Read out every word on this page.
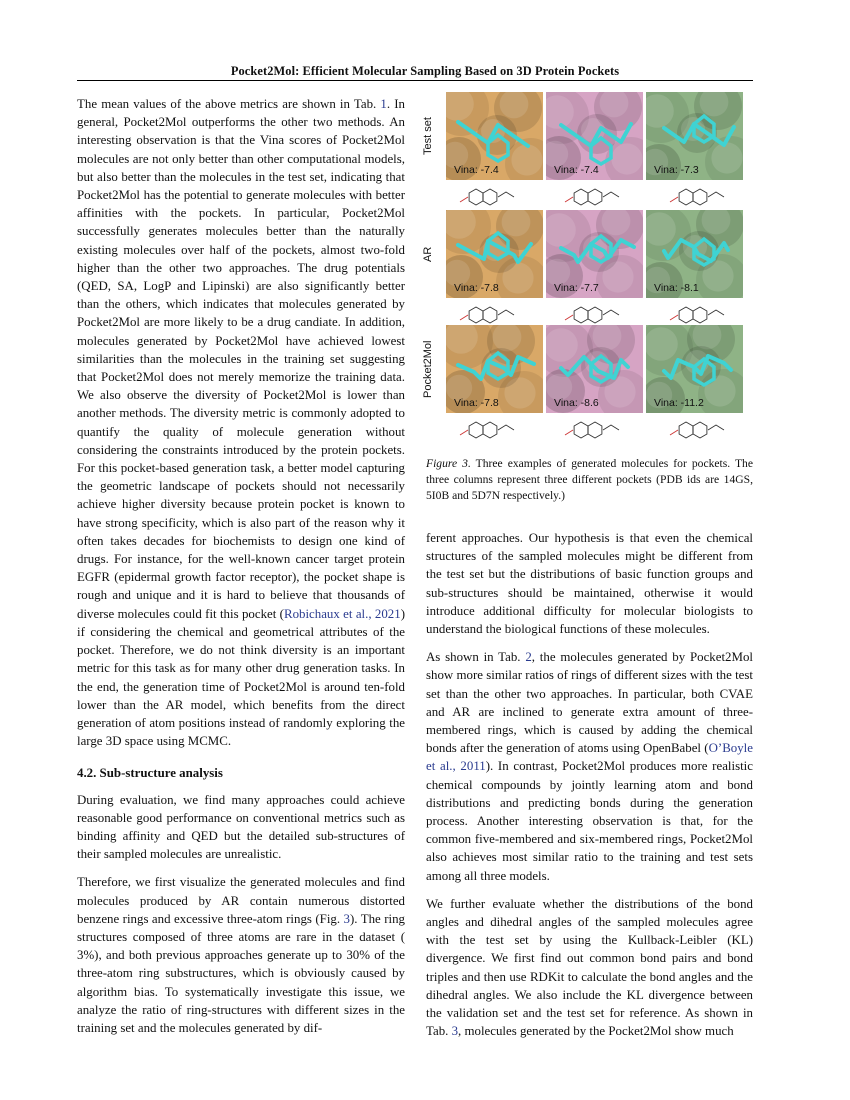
Pocket2Mol: Efficient Molecular Sampling Based on 3D Protein Pockets

The mean values of the above metrics are shown in Tab. 1. In general, Pocket2Mol outperforms the other two methods. An interesting observation is that the Vina scores of Pocket2Mol molecules are not only better than other computational models, but also better than the molecules in the test set, indicating that Pocket2Mol has the potential to generate molecules with better affinities with the pockets. In particular, Pocket2Mol successfully generates molecules better than the naturally existing molecules over half of the pockets, almost two-fold higher than the other two approaches. The drug potentials (QED, SA, LogP and Lipinski) are also significantly better than the others, which indicates that molecules generated by Pocket2Mol are more likely to be a drug candiate. In addition, molecules generated by Pocket2Mol have achieved lowest similarities than the molecules in the training set suggesting that Pocket2Mol does not merely memorize the training data. We also observe the diversity of Pocket2Mol is lower than another methods. The diversity metric is commonly adopted to quantify the quality of molecule generation without considering the constraints introduced by the protein pockets. For this pocket-based generation task, a better model capturing the geometric landscape of pockets should not necessarily achieve higher diversity because protein pocket is known to have strong specificity, which is also part of the reason why it often takes decades for biochemists to design one kind of drugs. For instance, for the well-known cancer target protein EGFR (epidermal growth factor receptor), the pocket shape is rough and unique and it is hard to believe that thousands of diverse molecules could fit this pocket (Robichaux et al., 2021) if considering the chemical and geometrical attributes of the pocket. Therefore, we do not think diversity is an important metric for this task as for many other drug generation tasks. In the end, the generation time of Pocket2Mol is around ten-fold lower than the AR model, which benefits from the direct generation of atom positions instead of randomly exploring the large 3D space using MCMC.

4.2. Sub-structure analysis

During evaluation, we find many approaches could achieve reasonable good performance on conventional metrics such as binding affinity and QED but the detailed sub-structures of their sampled molecules are unrealistic.

Therefore, we first visualize the generated molecules and find molecules produced by AR contain numerous distorted benzene rings and excessive three-atom rings (Fig. 3). The ring structures composed of three atoms are rare in the dataset ( 3%), and both previous approaches generate up to 30% of the three-atom ring substructures, which is obviously caused by algorithm bias. To systematically investigate this issue, we analyze the ratio of ring-structures with different sizes in the training set and the molecules generated by dif-

Test set
AR
Pocket2Mol
Vina: -7.4	Vina: -7.4	Vina: -7.3
Vina: -7.8	Vina: -7.7	Vina: -8.1
Vina: -7.8	Vina: -8.6	Vina: -11.2
Figure 3. Three examples of generated molecules for pockets. The three columns represent three different pockets (PDB ids are 14GS, 5I0B and 5D7N respectively.)

ferent approaches. Our hypothesis is that even the chemical structures of the sampled molecules might be different from the test set but the distributions of basic function groups and sub-structures should be maintained, otherwise it would introduce additional difficulty for molecular biologists to understand the biological functions of these molecules.

As shown in Tab. 2, the molecules generated by Pocket2Mol show more similar ratios of rings of different sizes with the test set than the other two approaches. In particular, both CVAE and AR are inclined to generate extra amount of three-membered rings, which is caused by adding the chemical bonds after the generation of atoms using OpenBabel (O’Boyle et al., 2011). In contrast, Pocket2Mol produces more realistic chemical compounds by jointly learning atom and bond distributions and predicting bonds during the generation process. Another interesting observation is that, for the common five-membered and six-membered rings, Pocket2Mol also achieves most similar ratio to the training and test sets among all three models.

We further evaluate whether the distributions of the bond angles and dihedral angles of the sampled molecules agree with the test set by using the Kullback-Leibler (KL) divergence. We first find out common bond pairs and bond triples and then use RDKit to calculate the bond angles and the dihedral angles. We also include the KL divergence between the validation set and the test set for reference. As shown in Tab. 3, molecules generated by the Pocket2Mol show much
